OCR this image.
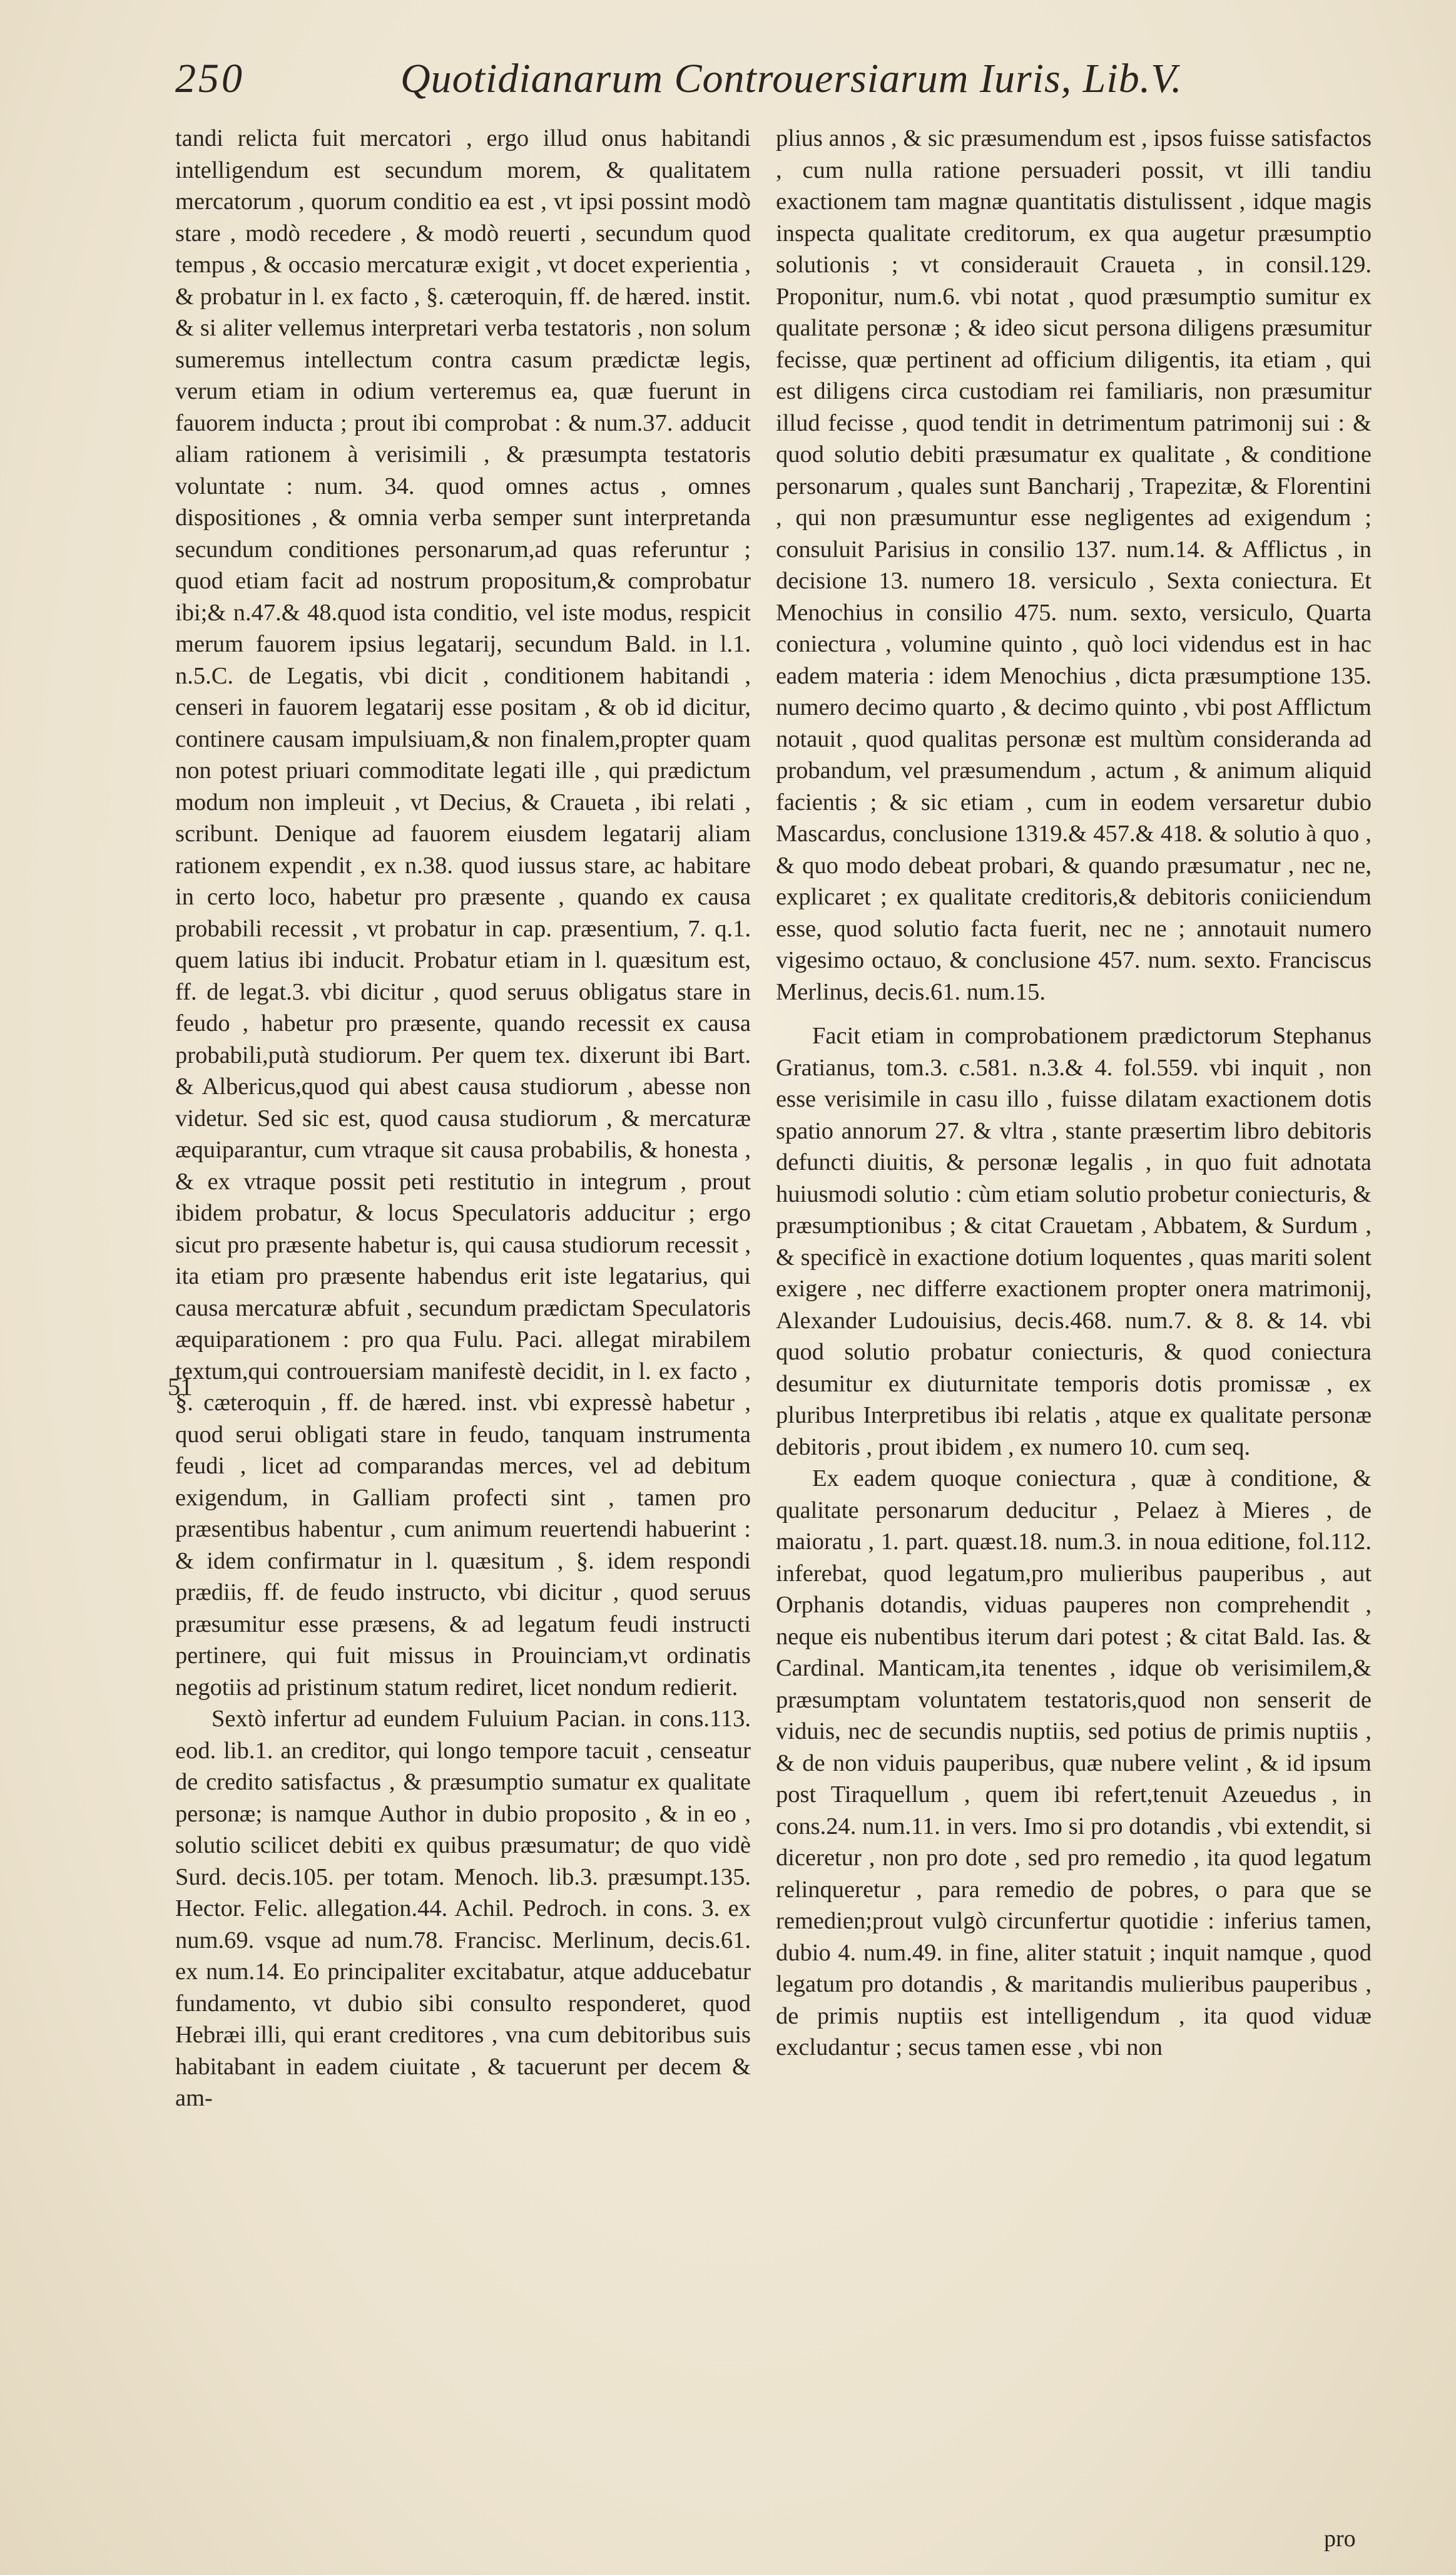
250	Quotidianarum Controuersiarum Iuris, Lib.V.

tandi relicta fuit mercatori , ergo illud onus habitandi intelligendum est secundum morem, & qualitatem mercatorum , quorum conditio ea est , vt ipsi possint modò stare , modò recedere , & modò reuerti , secundum quod tempus , & occasio mercaturæ exigit , vt docet experientia , & probatur in l. ex facto , §. cæteroquin, ff. de hæred. instit. & si aliter vellemus interpretari verba testatoris , non solum sumeremus intellectum contra casum prædictæ legis, verum etiam in odium verteremus ea, quæ fuerunt in fauorem inducta ; prout ibi comprobat : & num.37. adducit aliam rationem à verisimili , & præsumpta testatoris voluntate : num. 34. quod omnes actus , omnes dispositiones , & omnia verba semper sunt interpretanda secundum conditiones personarum,ad quas referuntur ; quod etiam facit ad nostrum propositum,& comprobatur ibi;& n.47.& 48.quod ista conditio, vel iste modus, respicit merum fauorem ipsius legatarij, secundum Bald. in l.1. n.5.C. de Legatis, vbi dicit , conditionem habitandi , censeri in fauorem legatarij esse positam , & ob id dicitur, continere causam impulsiuam,& non finalem,propter quam non potest priuari commoditate legati ille , qui prædictum modum non impleuit , vt Decius, & Craueta , ibi relati , scribunt. Denique ad fauorem eiusdem legatarij aliam rationem expendit , ex n.38. quod iussus stare, ac habitare in certo loco, habetur pro præsente , quando ex causa probabili recessit , vt probatur in cap. præsentium, 7. q.1. quem latius ibi inducit. Probatur etiam in l. quæsitum est, ff. de legat.3. vbi dicitur , quod seruus obligatus stare in feudo , habetur pro præsente, quando recessit ex causa probabili,putà studiorum. Per quem tex. dixerunt ibi Bart. & Albericus,quod qui abest causa studiorum , abesse non videtur. Sed sic est, quod causa studiorum , & mercaturæ æquiparantur, cum vtraque sit causa probabilis, & honesta , & ex vtraque possit peti restitutio in integrum , prout ibidem probatur, & locus Speculatoris adducitur ; ergo sicut pro præsente habetur is, qui causa studiorum recessit , ita etiam pro præsente habendus erit iste legatarius, qui causa mercaturæ abfuit , secundum prædictam Speculatoris æquiparationem : pro qua Fulu. Paci. allegat mirabilem textum,qui controuersiam manifestè decidit, in l. ex facto , §. cæteroquin , ff. de hæred. inst. vbi expressè habetur , quod serui obligati stare in feudo, tanquam instrumenta feudi , licet ad comparandas merces, vel ad debitum exigendum, in Galliam profecti sint , tamen pro præsentibus habentur , cum animum reuertendi habuerint : & idem confirmatur in l. quæsitum , §. idem respondi prædiis, ff. de feudo instructo, vbi dicitur , quod seruus præsumitur esse præsens, & ad legatum feudi instructi pertinere, qui fuit missus in Prouinciam,vt ordinatis negotiis ad pristinum statum rediret, licet nondum redierit.

Sextò infertur ad eundem Fuluium Pacian. in cons.113. eod. lib.1. an creditor, qui longo tempore tacuit , censeatur de credito satisfactus , & præsumptio sumatur ex qualitate personæ; is namque Author in dubio proposito , & in eo , solutio scilicet debiti ex quibus præsumatur; de quo vidè Surd. decis.105. per totam. Menoch. lib.3. præsumpt.135. Hector. Felic. allegation.44. Achil. Pedroch. in cons. 3. ex num.69. vsque ad num.78. Francisc. Merlinum, decis.61. ex num.14. Eo principaliter excitabatur, atque adducebatur fundamento, vt dubio sibi consulto responderet, quod Hebræi illi, qui erant creditores , vna cum debitoribus suis habitabant in eadem ciuitate , & tacuerunt per decem & am-

51

plius annos , & sic præsumendum est , ipsos fuisse satisfactos , cum nulla ratione persuaderi possit, vt illi tandiu exactionem tam magnæ quantitatis distulissent , idque magis inspecta qualitate creditorum, ex qua augetur præsumptio solutionis ; vt considerauit Craueta , in consil.129. Proponitur, num.6. vbi notat , quod præsumptio sumitur ex qualitate personæ ; & ideo sicut persona diligens præsumitur fecisse, quæ pertinent ad officium diligentis, ita etiam , qui est diligens circa custodiam rei familiaris, non præsumitur illud fecisse , quod tendit in detrimentum patrimonij sui : & quod solutio debiti præsumatur ex qualitate , & conditione personarum , quales sunt Bancharij , Trapezitæ, & Florentini , qui non præsumuntur esse negligentes ad exigendum ; consuluit Parisius in consilio 137. num.14. & Afflictus , in decisione 13. numero 18. versiculo , Sexta coniectura. Et Menochius in consilio 475. num. sexto, versiculo, Quarta coniectura , volumine quinto , quò loci videndus est in hac eadem materia : idem Menochius , dicta præsumptione 135. numero decimo quarto , & decimo quinto , vbi post Afflictum notauit , quod qualitas personæ est multùm consideranda ad probandum, vel præsumendum , actum , & animum aliquid facientis ; & sic etiam , cum in eodem versaretur dubio Mascardus, conclusione 1319.& 457.& 418. & solutio à quo , & quo modo debeat probari, & quando præsumatur , nec ne, explicaret ; ex qualitate creditoris,& debitoris coniiciendum esse, quod solutio facta fuerit, nec ne ; annotauit numero vigesimo octauo, & conclusione 457. num. sexto. Franciscus Merlinus, decis.61. num.15.

Facit etiam in comprobationem prædictorum Stephanus Gratianus, tom.3. c.581. n.3.& 4. fol.559. vbi inquit , non esse verisimile in casu illo , fuisse dilatam exactionem dotis spatio annorum 27. & vltra , stante præsertim libro debitoris defuncti diuitis, & personæ legalis , in quo fuit adnotata huiusmodi solutio : cùm etiam solutio probetur coniecturis, & præsumptionibus ; & citat Crauetam , Abbatem, & Surdum , & specificè in exactione dotium loquentes , quas mariti solent exigere , nec differre exactionem propter onera matrimonij, Alexander Ludouisius, decis.468. num.7. & 8. & 14. vbi quod solutio probatur coniecturis, & quod coniectura desumitur ex diuturnitate temporis dotis promissæ , ex pluribus Interpretibus ibi relatis , atque ex qualitate personæ debitoris , prout ibidem , ex numero 10. cum seq.

Ex eadem quoque coniectura , quæ à conditione, & qualitate personarum deducitur , Pelaez à Mieres , de maioratu , 1. part. quæst.18. num.3. in noua editione, fol.112. inferebat, quod legatum,pro mulieribus pauperibus , aut Orphanis dotandis, viduas pauperes non comprehendit , neque eis nubentibus iterum dari potest ; & citat Bald. Ias. & Cardinal. Manticam,ita tenentes , idque ob verisimilem,& præsumptam voluntatem testatoris,quod non senserit de viduis, nec de secundis nuptiis, sed potius de primis nuptiis , & de non viduis pauperibus, quæ nubere velint , & id ipsum post Tiraquellum , quem ibi refert,tenuit Azeuedus , in cons.24. num.11. in vers. Imo si pro dotandis , vbi extendit, si diceretur , non pro dote , sed pro remedio , ita quod legatum relinqueretur , para remedio de pobres, o para que se remedien;prout vulgò circunfertur quotidie : inferius tamen, dubio 4. num.49. in fine, aliter statuit ; inquit namque , quod legatum pro dotandis , & maritandis mulieribus pauperibus , de primis nuptiis est intelligendum , ita quod viduæ excludantur ; secus tamen esse , vbi non

pro
